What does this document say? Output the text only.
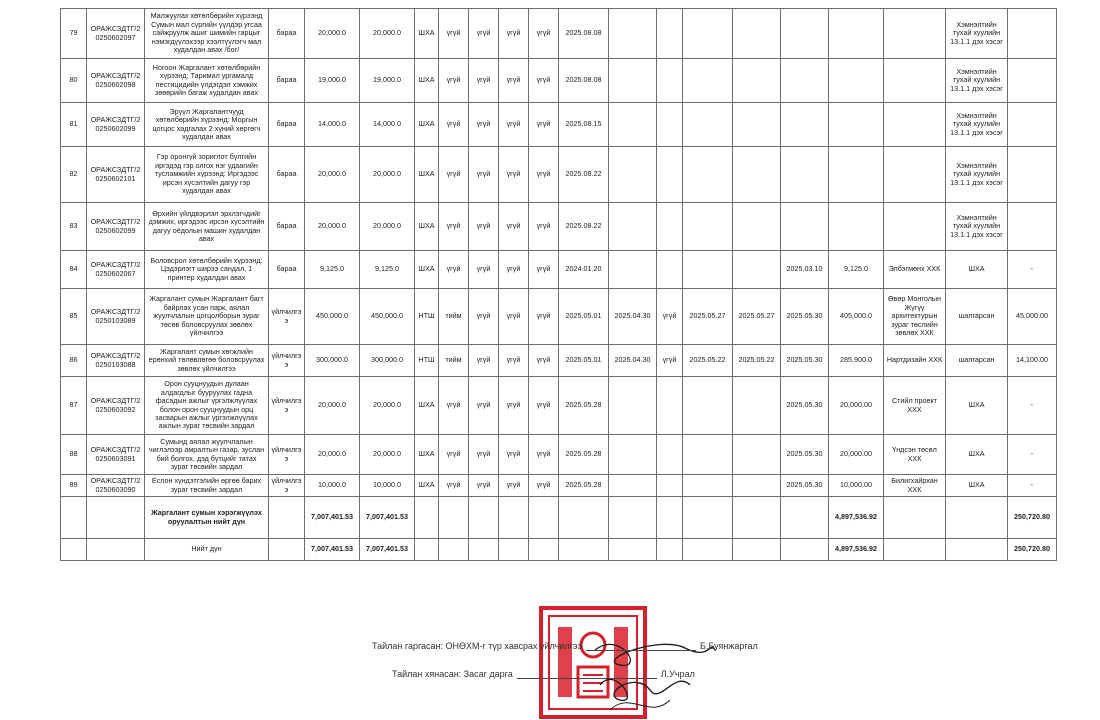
79	ОРАЖСЗДТГ/2 0250602097	Малжуулах хөтөлбөрийн хүрээнд Сумын мал сүргийн үүлдэр угсаа сайжруулж ашиг шимийн гарцыг нэмэгдүүлэхээр хээлтүүлэгч мал худалдан авах /бог/	бараа	20,000.0	20,000.0	ШХА	үгүй	үгүй	үгүй	үгүй	2025.08.08								Хэмнэлтийн тухай хуулийн 13.1.1 дэх хэсэг	
80	ОРАЖСЗДТГ/2 0250602098	Ногоон Жаргалант хөтөлбөрийн хүрээнд: Таримал ургамалд пестицидийн үлдэгдэл хэмжих зөөврийн багаж худалдан авах	бараа	19,000.0	19,000.0	ШХА	үгүй	үгүй	үгүй	үгүй	2025.08.08								Хэмнэлтийн тухай хуулийн 13.1.1 дэх хэсэг	
81	ОРАЖСЗДТГ/2 0250602099	Эрүүл Жаргалантчууд хөтөлбөрийн хүрээнд: Моргын цогцос хадгалах 2 хүний хөргөгч худалдан авах	бараа	14,000.0	14,000.0	ШХА	үгүй	үгүй	үгүй	үгүй	2025.08.15								Хэмнэлтийн тухай хуулийн 13.1.1 дэх хэсэг	
82	ОРАЖСЗДТГ/2 0250602101	Гэр оронгүй зориглот бүлгийн иргэдэд гэр олгох нэг удаагийн тусламжийн хүрээнд: Иргэдээс ирсэн хүсэлтийн дагуу гэр худалдан авах	бараа	20,000.0	20,000.0	ШХА	үгүй	үгүй	үгүй	үгүй	2025.08.22								Хэмнэлтийн тухай хуулийн 13.1.1 дэх хэсэг	
83	ОРАЖСЗДТГ/2 0250602099	Өрхийн үйлдвэрлэл эрхлэгчдийг дэмжих, иргэдээс ирсэн хүсэлтийн дагуу оёдолын машин худалдан авах	бараа	20,000.0	20,000.0	ШХА	үгүй	үгүй	үгүй	үгүй	2025.08.22								Хэмнэлтийн тухай хуулийн 13.1.1 дэх хэсэг	
84	ОРАЖСЗДТГ/2 0250602067	Боловсрол хөтөлбөрийн хүрээнд: Цэдэрлэгт ширээ сандал, 1 принтер худалдан авах	бараа	9,125.0	9,125.0	ШХА	үгүй	үгүй	үгүй	үгүй	2024.01.20					2025.03.10	9,125.0	Элбэгмөнх ХХК	ШХА	-
85	ОРАЖСЗДТГ/2 0250103089	Жаргалант сумын Жаргалант багт байрлах усан парк, аялал жуулчлалын цогцолборын зураг төсөв боловсруулах зөвлөх үйлчилгээ	үйлчилгээ	450,000.0	450,000.0	НТШ	тийм	үгүй	үгүй	үгүй	2025.05.01	2025.04.30	үгүй	2025.05.27	2025.05.27	2025.05.30	405,000.0	Өвөр Монголын Жүгүү архитектурын зураг төслийн зөвлөх ХХК	шалгарсан	45,000.00
86	ОРАЖСЗДТГ/2 0250103088	Жаргалант сумын хөгжлийн ерөнхий төлөвлөгөө боловсруулах зөвлөх үйлчилгээ	үйлчилгээ	300,000.0	300,000.0	НТШ	тийм	үгүй	үгүй	үгүй	2025.05.01	2025.04.30	үгүй	2025.05.22	2025.05.22	2025.05.30	285,900.0	Нартдизайн ХХК	шалгарсан	14,100.00
87	ОРАЖСЗДТГ/2 0250603092	Орон сууцнуудын дулаан алдагдлыг бууруулах гадна фасадын ажлыг үргэлжлүүлах болон орон сууцнуудын орц засварын ажлыг үргэлжлүүлах ажлын зураг төсвийн зардал	үйлчилгээ	20,000.0	20,000.0	ШХА	үгүй	үгүй	үгүй	үгүй	2025.05.28					2025.05.30	20,000.00	Стийл проект ХХХ	ШХА	-
88	ОРАЖСЗДТГ/2 0250603091	Сумынд аялал жуулчлалын чиглэлээр амралтын газар, зуслан бий болгох, дэд бүтцийг татах зураг төсвийн зардал	үйлчилгээ	20,000.0	20,000.0	ШХА	үгүй	үгүй	үгүй	үгүй	2025.05.28					2025.05.30	20,000.00	Үндсэн төсөл ХХК	ШХА	-
89	ОРАЖСЗДТГ/2 0250603090	Еслон хүндэтгэлийн өргөө барих зураг төсвийн зардал	үйлчилгээ	10,000.0	10,000.0	ШХА	үгүй	үгүй	үгүй	үгүй	2025.05.28					2025.05.30	10,000.00	Билигхайрхан ХХК	ШХА	-
		Жаргалант сумын хэрэгжүүлэх оруулалтын нийт дүн		7,007,401.53	7,007,401.53												4,897,536.92			250,720.80
		Нийт дүн		7,007,401.53	7,007,401.53												4,897,536.92			250,720.80
Тайлан гаргасан: ОНӨХМ-г түр хавсрах үйлчилгээ	Б.Буянжаргал
Тайлан хянасан: Засаг дарга	Л.Учрал
